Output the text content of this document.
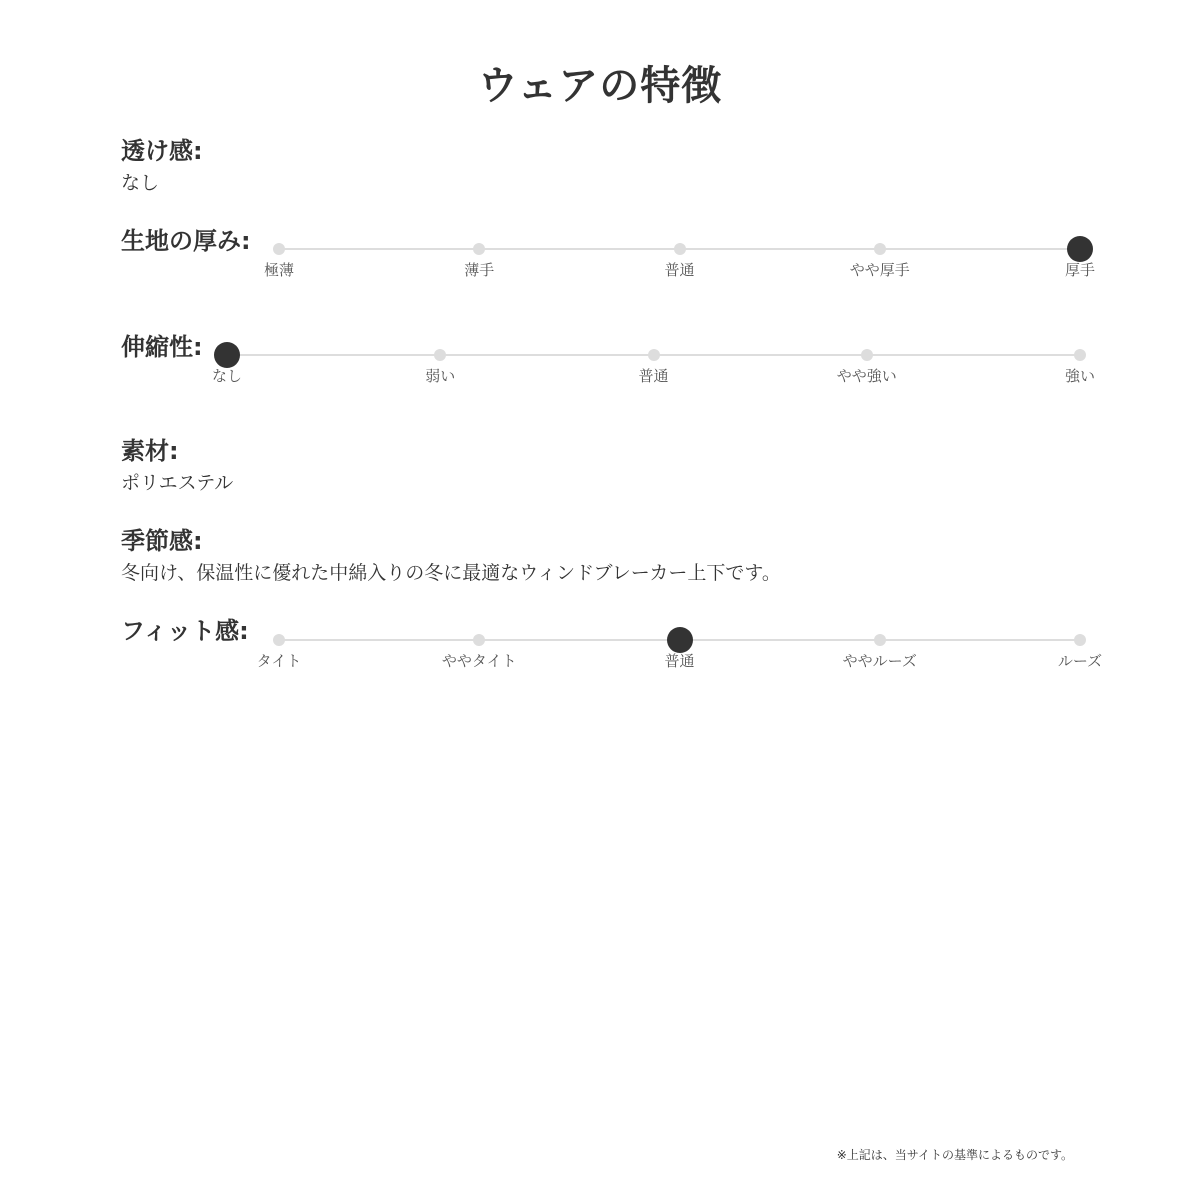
ウェアの特徴
透け感:
なし
生地の厚み:
極薄	薄手	普通	やや厚手	厚手
伸縮性:
なし	弱い	普通	やや強い	強い
素材:
ポリエステル
季節感:
冬向け、保温性に優れた中綿入りの冬に最適なウィンドブレーカー上下です。
フィット感:
タイト	ややタイト	普通	ややルーズ	ルーズ
※上記は、当サイトの基準によるものです。
